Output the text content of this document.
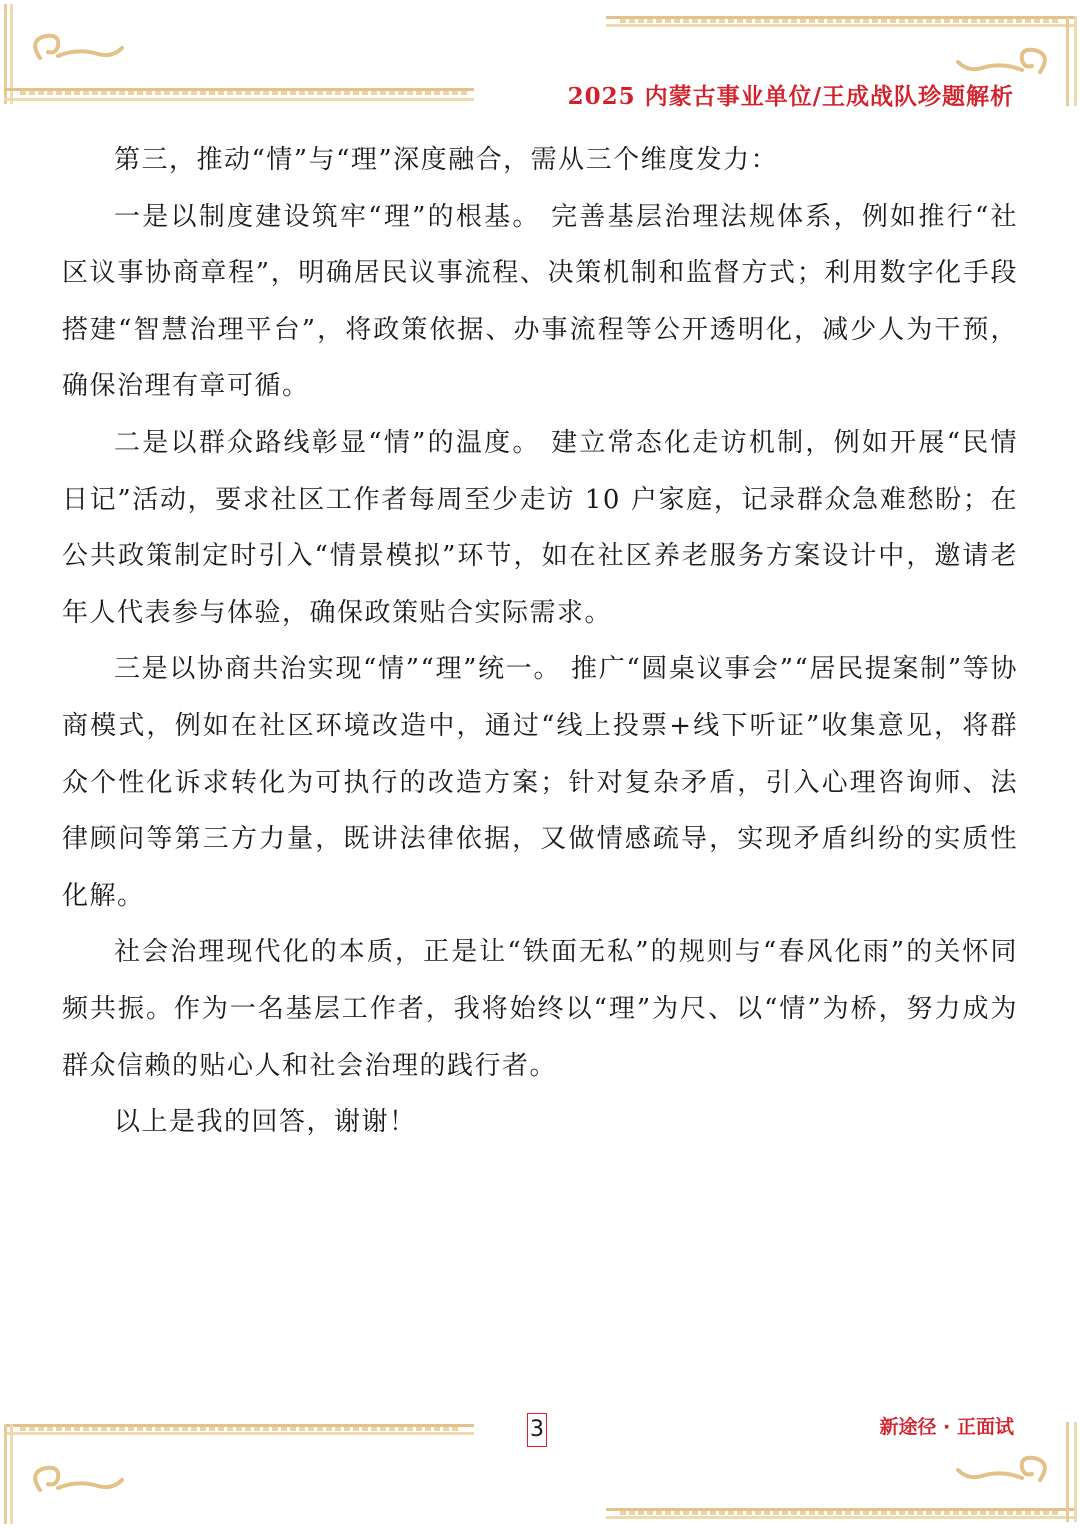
2025 内蒙古事业单位/王成战队珍题解析

第三，推动“情”与“理”深度融合，需从三个维度发力：

一是以制度建设筑牢“理”的根基。 完善基层治理法规体系，例如推行“社区议事协商章程”，明确居民议事流程、决策机制和监督方式；利用数字化手段搭建“智慧治理平台”，将政策依据、办事流程等公开透明化，减少人为干预，确保治理有章可循。

二是以群众路线彰显“情”的温度。 建立常态化走访机制，例如开展“民情日记”活动，要求社区工作者每周至少走访 10 户家庭，记录群众急难愁盼；在公共政策制定时引入“情景模拟”环节，如在社区养老服务方案设计中，邀请老年人代表参与体验，确保政策贴合实际需求。

三是以协商共治实现“情”“理”统一。 推广“圆桌议事会”“居民提案制”等协商模式，例如在社区环境改造中，通过“线上投票+线下听证”收集意见，将群众个性化诉求转化为可执行的改造方案；针对复杂矛盾，引入心理咨询师、法律顾问等第三方力量，既讲法律依据，又做情感疏导，实现矛盾纠纷的实质性化解。

社会治理现代化的本质，正是让“铁面无私”的规则与“春风化雨”的关怀同频共振。作为一名基层工作者，我将始终以“理”为尺、以“情”为桥，努力成为群众信赖的贴心人和社会治理的践行者。

以上是我的回答，谢谢！

3	新途径 · 正面试
